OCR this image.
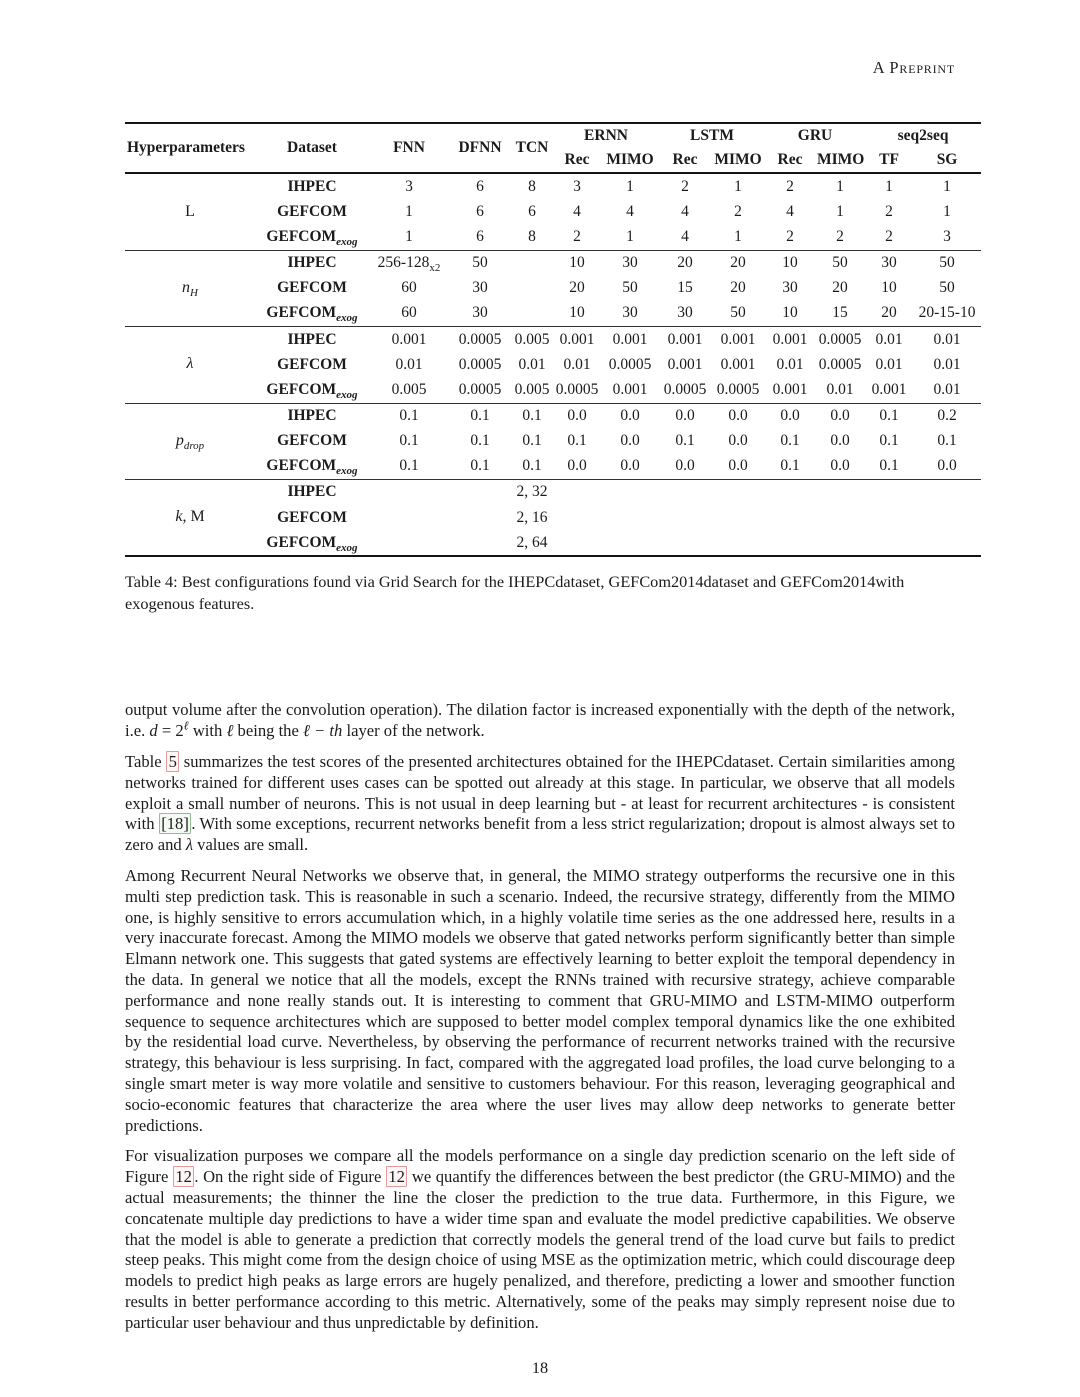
A Preprint
Hyperparameters	Dataset	FNN	DFNN	TCN	ERNN		LSTM		GRU		seq2seq	
					Rec	MIMO	Rec	MIMO	Rec	MIMO	TF	SG
L	IHPEC	3	6	8	3	1	2	1	2	1	1	1
	GEFCOM	1	6	6	4	4	4	2	4	1	2	1
	$GEFCOM_{exog}$	1	6	8	2	1	4	1	2	2	2	3
$n_H$	IHPEC	$256-128_{x2}$	50		10	30	20	20	10	50	30	50
	GEFCOM	60	30		20	50	15	20	30	20	10	50
	$GEFCOM_{exog}$	60	30		10	30	30	50	10	15	20	20-15-10
λ	IHPEC	0.001	0.0005	0.005	0.001	0.001	0.001	0.001	0.001	0.0005	0.01	0.01
	GEFCOM	0.01	0.0005	0.01	0.01	0.0005	0.001	0.001	0.01	0.0005	0.01	0.01
	$GEFCOM_{exog}$	0.005	0.0005	0.005	0.0005	0.001	0.0005	0.0005	0.001	0.01	0.001	0.01
$p_{drop}$	IHPEC	0.1	0.1	0.1	0.0	0.0	0.0	0.0	0.0	0.0	0.1	0.2
	GEFCOM	0.1	0.1	0.1	0.1	0.0	0.1	0.0	0.1	0.0	0.1	0.1
	$GEFCOM_{exog}$	0.1	0.1	0.1	0.0	0.0	0.0	0.0	0.1	0.0	0.1	0.0
k, M	IHPEC			2, 32								
	GEFCOM			2, 16								
	$GEFCOM_{exog}$			2, 64								
Table 4: Best configurations found via Grid Search for the IHEPCdataset, GEFCom2014dataset and GEFCom2014with exogenous features.

output volume after the convolution operation). The dilation factor is increased exponentially with the depth of the network, i.e. $d = 2^\ell$ with ℓ being the ℓ − th layer of the network.

Table 5 summarizes the test scores of the presented architectures obtained for the IHEPCdataset. Certain similarities among networks trained for different uses cases can be spotted out already at this stage. In particular, we observe that all models exploit a small number of neurons. This is not usual in deep learning but - at least for recurrent architectures - is consistent with [18] . With some exceptions, recurrent networks benefit from a less strict regularization; dropout is almost always set to zero and λ values are small.

Among Recurrent Neural Networks we observe that, in general, the MIMO strategy outperforms the recursive one in this multi step prediction task. This is reasonable in such a scenario. Indeed, the recursive strategy, differently from the MIMO one, is highly sensitive to errors accumulation which, in a highly volatile time series as the one addressed here, results in a very inaccurate forecast. Among the MIMO models we observe that gated networks perform significantly better than simple Elmann network one. This suggests that gated systems are effectively learning to better exploit the temporal dependency in the data. In general we notice that all the models, except the RNNs trained with recursive strategy, achieve comparable performance and none really stands out. It is interesting to comment that GRU-MIMO and LSTM-MIMO outperform sequence to sequence architectures which are supposed to better model complex temporal dynamics like the one exhibited by the residential load curve. Nevertheless, by observing the performance of recurrent networks trained with the recursive strategy, this behaviour is less surprising. In fact, compared with the aggregated load profiles, the load curve belonging to a single smart meter is way more volatile and sensitive to customers behaviour. For this reason, leveraging geographical and socio-economic features that characterize the area where the user lives may allow deep networks to generate better predictions.

For visualization purposes we compare all the models performance on a single day prediction scenario on the left side of Figure 12 . On the right side of Figure 12 we quantify the differences between the best predictor (the GRU-MIMO) and the actual measurements; the thinner the line the closer the prediction to the true data. Furthermore, in this Figure, we concatenate multiple day predictions to have a wider time span and evaluate the model predictive capabilities. We observe that the model is able to generate a prediction that correctly models the general trend of the load curve but fails to predict steep peaks. This might come from the design choice of using MSE as the optimization metric, which could discourage deep models to predict high peaks as large errors are hugely penalized, and therefore, predicting a lower and smoother function results in better performance according to this metric. Alternatively, some of the peaks may simply represent noise due to particular user behaviour and thus unpredictable by definition.

18
